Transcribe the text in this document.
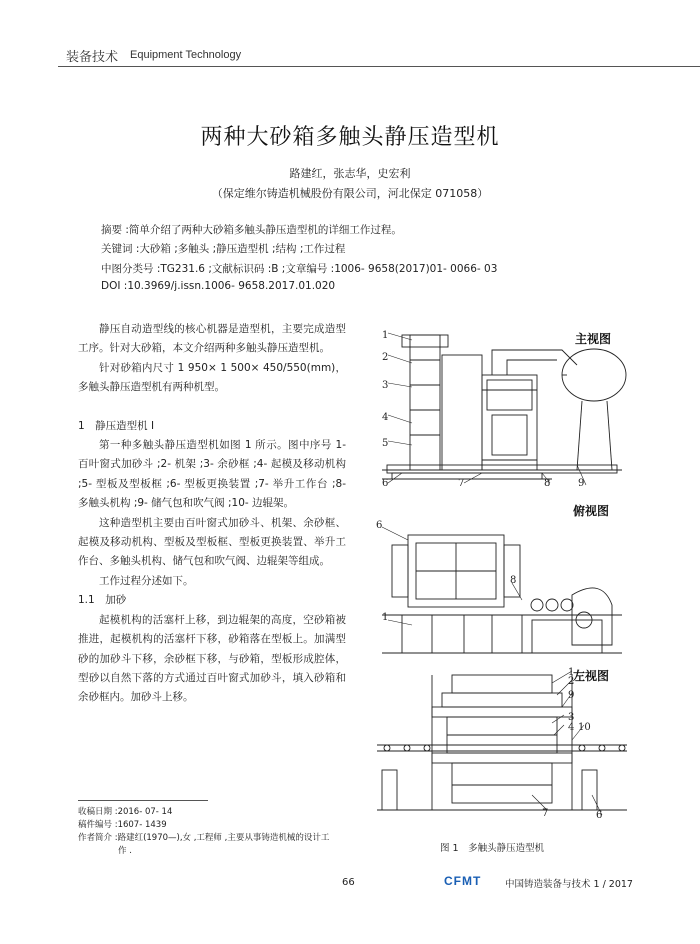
装备技术 Equipment Technology
两种大砂箱多触头静压造型机
路建红，张志华，史宏利
（保定维尔铸造机械股份有限公司，河北保定 071058）
摘要 :简单介绍了两种大砂箱多触头静压造型机的详细工作过程。
关键词 :大砂箱 ;多触头 ;静压造型机 ;结构 ;工作过程
中图分类号 :TG231.6 ;文献标识码 :B ;文章编号 :1006- 9658(2017)01- 0066- 03
DOI :10.3969/j.issn.1006- 9658.2017.01.020

静压自动造型线的核心机器是造型机，主要完成造型工序。针对大砂箱，本文介绍两种多触头静压造型机。

针对砂箱内尺寸 1 950× 1 500× 450/550(mm)，多触头静压造型机有两种机型。

1　静压造型机 I

第一种多触头静压造型机如图 1 所示。图中序号 1- 百叶窗式加砂斗 ;2- 机架 ;3- 余砂框 ;4- 起模及移动机构 ;5- 型板及型板框 ;6- 型板更换装置 ;7- 举升工作台 ;8- 多触头机构 ;9- 储气包和吹气阀 ;10- 边辊架。

这种造型机主要由百叶窗式加砂斗、机架、余砂框、起模及移动机构、型板及型板框、型板更换装置、举升工作台、多触头机构、储气包和吹气阀、边辊架等组成。

工作过程分述如下。

1.1　加砂

起模机构的活塞杆上移，到边辊架的高度，空砂箱被推进，起模机构的活塞杆下移，砂箱落在型板上。加满型砂的加砂斗下移，余砂框下移，与砂箱，型板形成腔体，型砂以自然下落的方式通过百叶窗式加砂斗，填入砂箱和余砂框内。加砂斗上移。

收稿日期 :2016- 07- 14
稿件编号 :1607- 1439
作者简介 :路建红(1970—),女 ,工程师 ,主要从事铸造机械的设计工
作 .
主视图
俯视图
左视图
1
2
3
4
5
6	7	8	9
6
8
1
1
2
9
3
4 10
7	6
图 1　多触头静压造型机
66	CFMT 中国铸造装备与技术 1 / 2017
